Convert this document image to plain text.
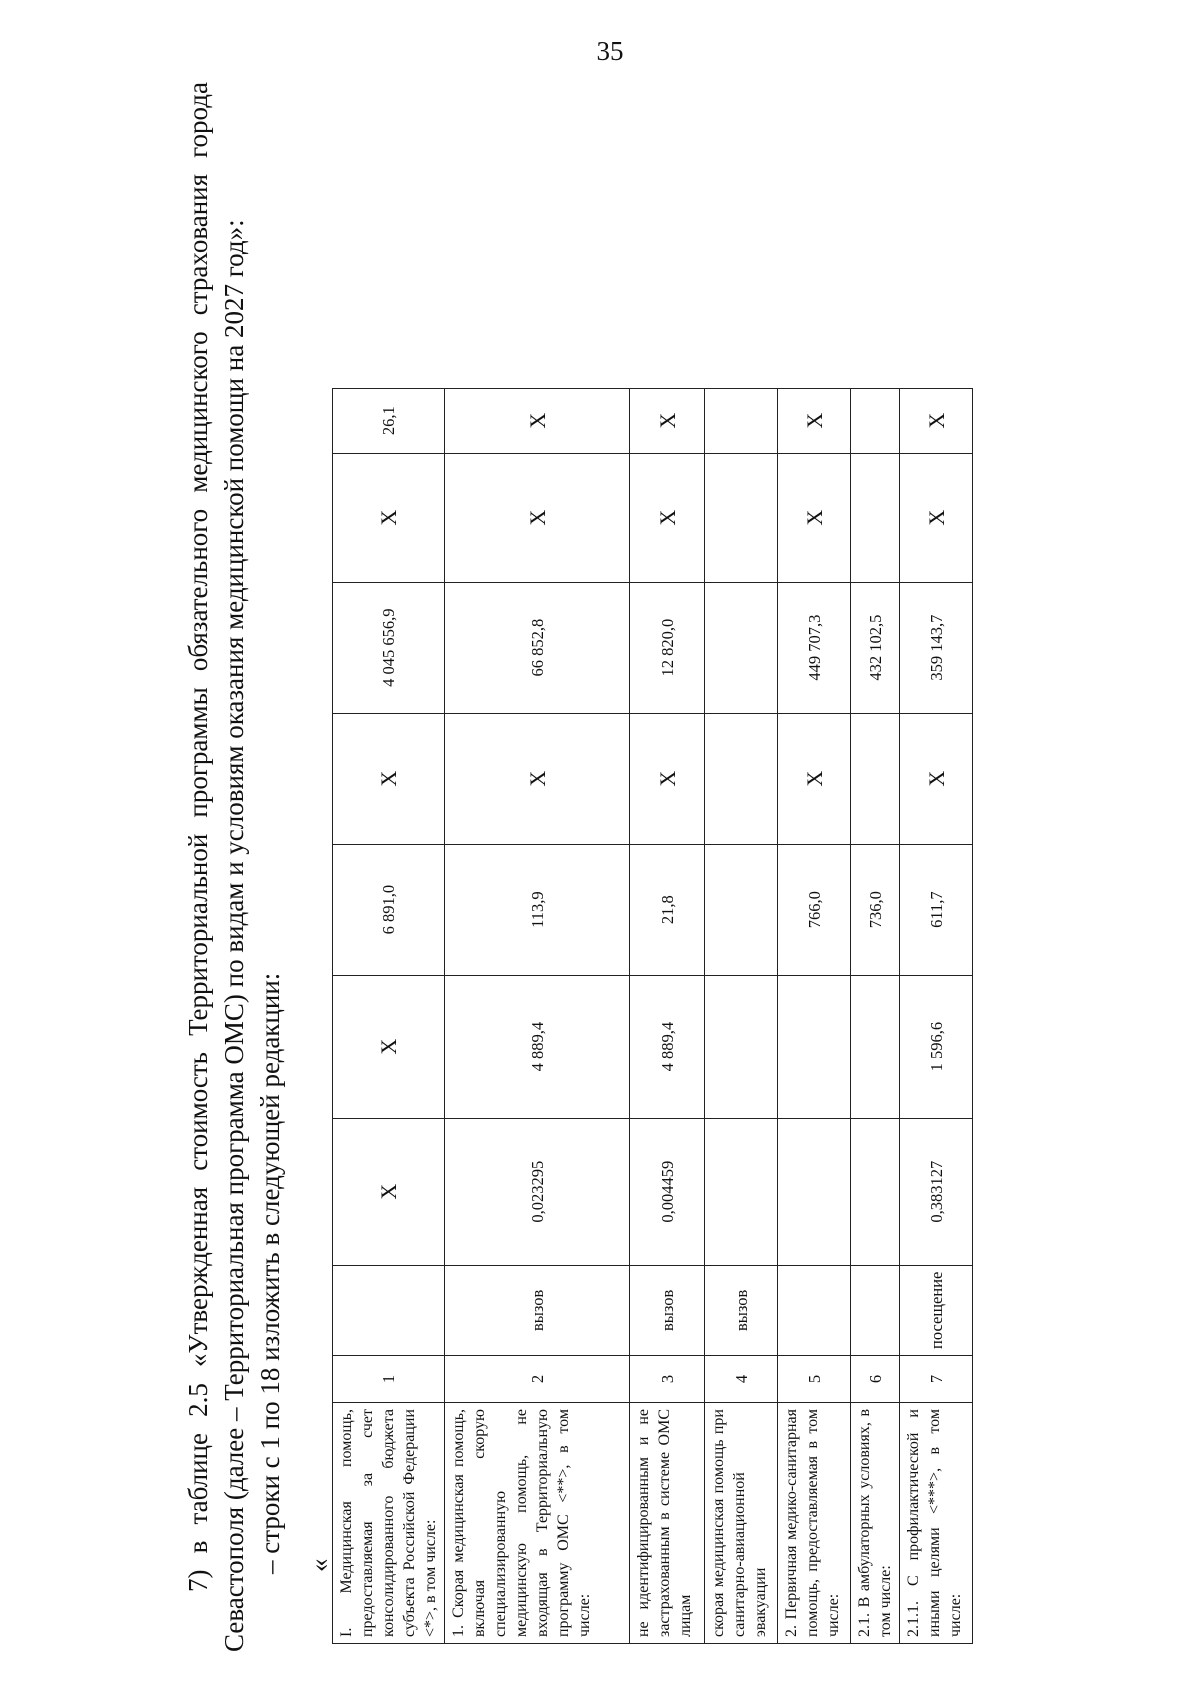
35

7) в таблице 2.5 «Утвержденная стоимость Территориальной программы обязательного медицинского страхования города Севастополя (далее – Территориальная программа ОМС) по видам и условиям оказания медицинской помощи на 2027 год»: – строки с 1 по 18 изложить в следующей редакции: « I. Медицинская помощь, предоставляемая за счет консолидированного бюджета субъекта Российской Федерации <*>, в том числе:	1		Х	Х	6 891,0	Х	4 045 656,9	Х	26,1
1. Скорая медицинская помощь, включая скорую специализированную медицинскую помощь, не входящая в Территориальную программу ОМС <**>, в том числе:	2	вызов	0,023295	4 889,4	113,9	Х	66 852,8	Х	Х
не идентифицированным и не застрахованным в системе ОМС лицам	3	вызов	0,004459	4 889,4	21,8	Х	12 820,0	Х	Х
скорая медицинская помощь при санитарно-авиационной эвакуации	4	вызов							
2. Первичная медико-санитарная помощь, предоставляемая в том числе:	5				766,0	Х	449 707,3	Х	Х
2.1. В амбулаторных условиях, в том числе:	6				736,0		432 102,5		
2.1.1. С профилактической и иными целями <***>, в том числе:	7	посещение	0,383127	1 596,6	611,7	Х	359 143,7	Х	Х
